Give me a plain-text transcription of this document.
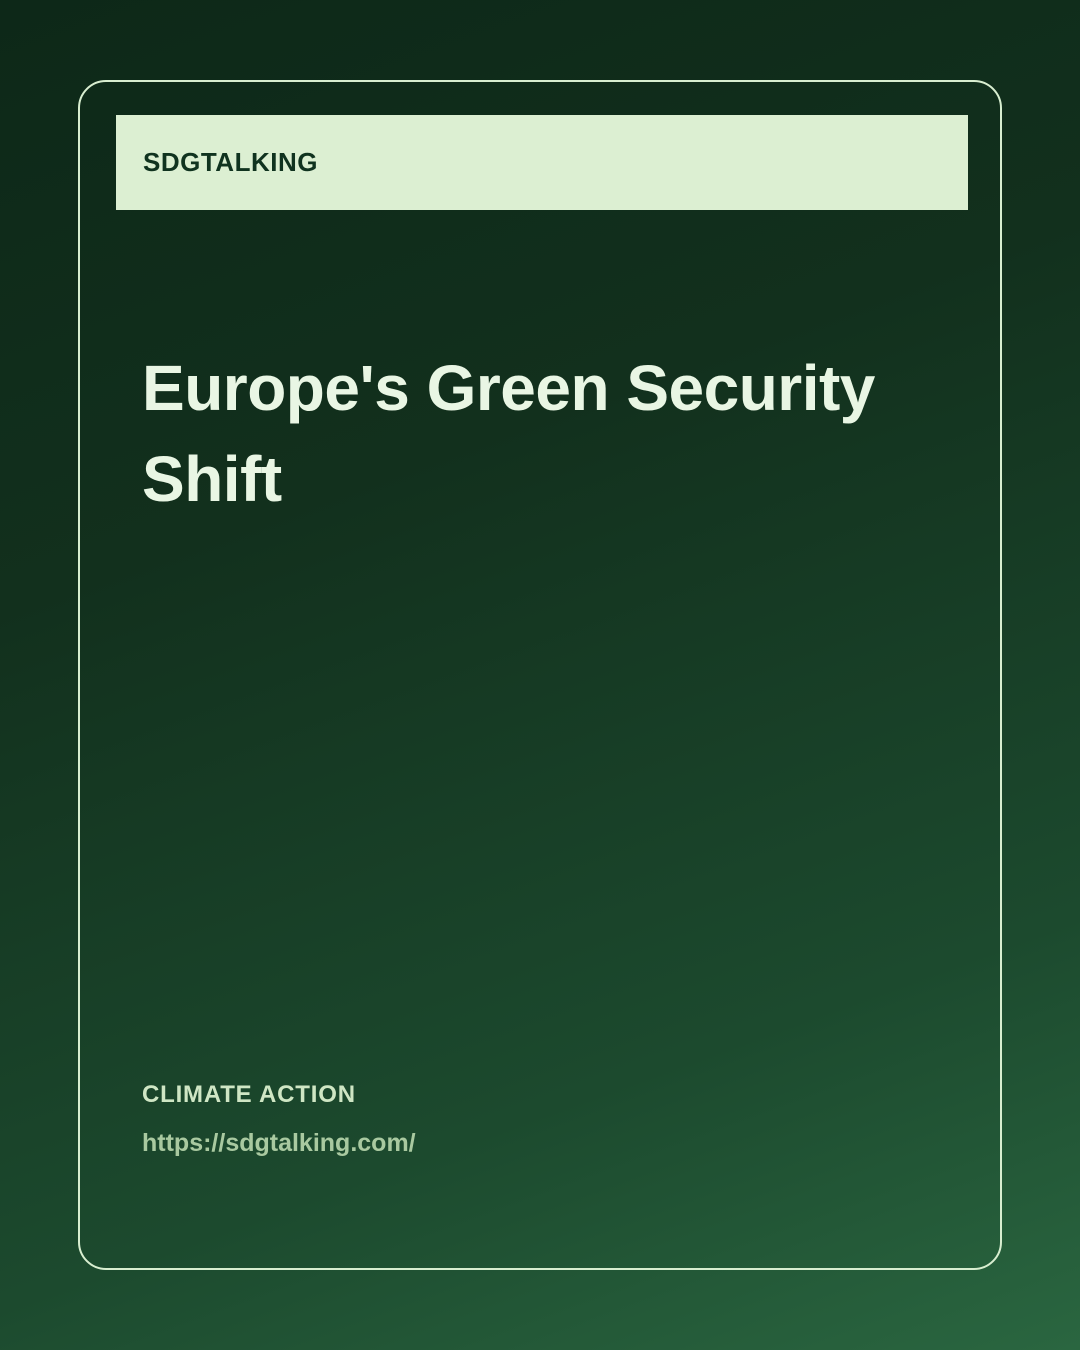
SDGTALKING
Europe's Green Security Shift
CLIMATE ACTION
https://sdgtalking.com/
